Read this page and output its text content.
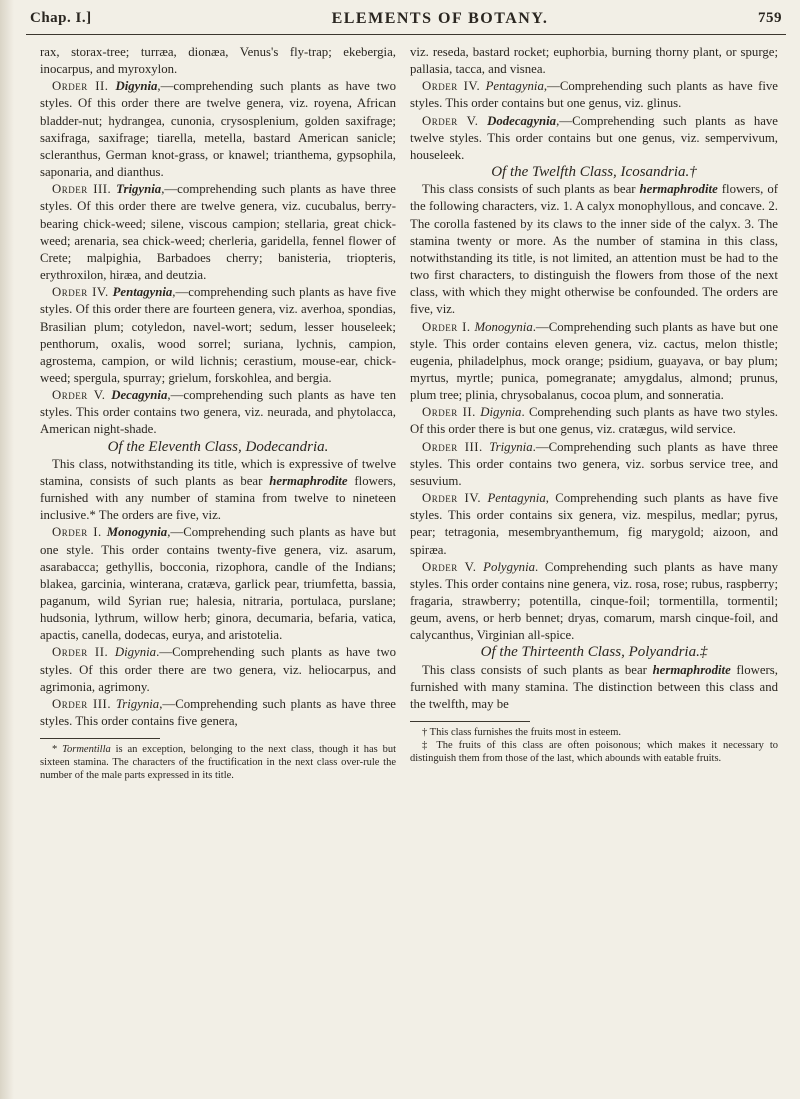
Chap. I.]	ELEMENTS OF BOTANY.	759

rax, storax-tree; turræa, dionæa, Venus's fly-trap; ekebergia, inocarpus, and myroxylon.

Order II. Digynia,—comprehending such plants as have two styles. Of this order there are twelve genera, viz. royena, African bladder-nut; hydrangea, cunonia, crysosplenium, golden saxifrage; saxifraga, saxifrage; tiarella, metella, bastard American sanicle; scleranthus, German knot-grass, or knawel; trianthema, gypsophila, saponaria, and dianthus.

Order III. Trigynia,—comprehending such plants as have three styles. Of this order there are twelve genera, viz. cucubalus, berry-bearing chick-weed; silene, viscous campion; stellaria, great chick-weed; arenaria, sea chick-weed; cherleria, garidella, fennel flower of Crete; malpighia, Barbadoes cherry; banisteria, triopteris, erythroxilon, hiræa, and deutzia.

Order IV. Pentagynia,—comprehending such plants as have five styles. Of this order there are fourteen genera, viz. averhoa, spondias, Brasilian plum; cotyledon, navel-wort; sedum, lesser houseleek; penthorum, oxalis, wood sorrel; suriana, lychnis, campion, agrostema, campion, or wild lichnis; cerastium, mouse-ear, chick-weed; spergula, spurray; grielum, forskohlea, and bergia.

Order V. Decagynia,—comprehending such plants as have ten styles. This order contains two genera, viz. neurada, and phytolacca, American night-shade.

Of the Eleventh Class, Dodecandria.

This class, notwithstanding its title, which is expressive of twelve stamina, consists of such plants as bear hermaphrodite flowers, furnished with any number of stamina from twelve to nineteen inclusive.* The orders are five, viz.

Order I. Monogynia,—Comprehending such plants as have but one style. This order contains twenty-five genera, viz. asarum, asarabacca; gethyllis, bocconia, rizophora, candle of the Indians; blakea, garcinia, winterana, cratæva, garlick pear, triumfetta, bassia, paganum, wild Syrian rue; halesia, nitraria, portulaca, purslane; hudsonia, lythrum, willow herb; ginora, decumaria, befaria, vatica, apactis, canella, dodecas, eurya, and aristotelia.

Order II. Digynia.—Comprehending such plants as have two styles. Of this order there are two genera, viz. heliocarpus, and agrimonia, agrimony.

Order III. Trigynia,—Comprehending such plants as have three styles. This order contains five genera,

* Tormentilla is an exception, belonging to the next class, though it has but sixteen stamina. The characters of the fructification in the next class over-rule the number of the male parts expressed in its title.

viz. reseda, bastard rocket; euphorbia, burning thorny plant, or spurge; pallasia, tacca, and visnea.

Order IV. Pentagynia,—Comprehending such plants as have five styles. This order contains but one genus, viz. glinus.

Order V. Dodecagynia,—Comprehending such plants as have twelve styles. This order contains but one genus, viz. sempervivum, houseleek.

Of the Twelfth Class, Icosandria.†

This class consists of such plants as bear hermaphrodite flowers, of the following characters, viz. 1. A calyx monophyllous, and concave. 2. The corolla fastened by its claws to the inner side of the calyx. 3. The stamina twenty or more. As the number of stamina in this class, notwithstanding its title, is not limited, an attention must be had to the two first characters, to distinguish the flowers from those of the next class, with which they might otherwise be confounded. The orders are five, viz.

Order I. Monogynia.—Comprehending such plants as have but one style. This order contains eleven genera, viz. cactus, melon thistle; eugenia, philadelphus, mock orange; psidium, guayava, or bay plum; myrtus, myrtle; punica, pomegranate; amygdalus, almond; prunus, plum tree; plinia, chrysobalanus, cocoa plum, and sonneratia.

Order II. Digynia. Comprehending such plants as have two styles. Of this order there is but one genus, viz. cratægus, wild service.

Order III. Trigynia.—Comprehending such plants as have three styles. This order contains two genera, viz. sorbus service tree, and sesuvium.

Order IV. Pentagynia, Comprehending such plants as have five styles. This order contains six genera, viz. mespilus, medlar; pyrus, pear; tetragonia, mesembryanthemum, fig marygold; aizoon, and spiræa.

Order V. Polygynia. Comprehending such plants as have many styles. This order contains nine genera, viz. rosa, rose; rubus, raspberry; fragaria, strawberry; potentilla, cinque-foil; tormentilla, tormentil; geum, avens, or herb bennet; dryas, comarum, marsh cinque-foil, and calycanthus, Virginian all-spice.

Of the Thirteenth Class, Polyandria.‡

This class consists of such plants as bear hermaphrodite flowers, furnished with many stamina. The distinction between this class and the twelfth, may be

† This class furnishes the fruits most in esteem.

‡ The fruits of this class are often poisonous; which makes it necessary to distinguish them from those of the last, which abounds with eatable fruits.
